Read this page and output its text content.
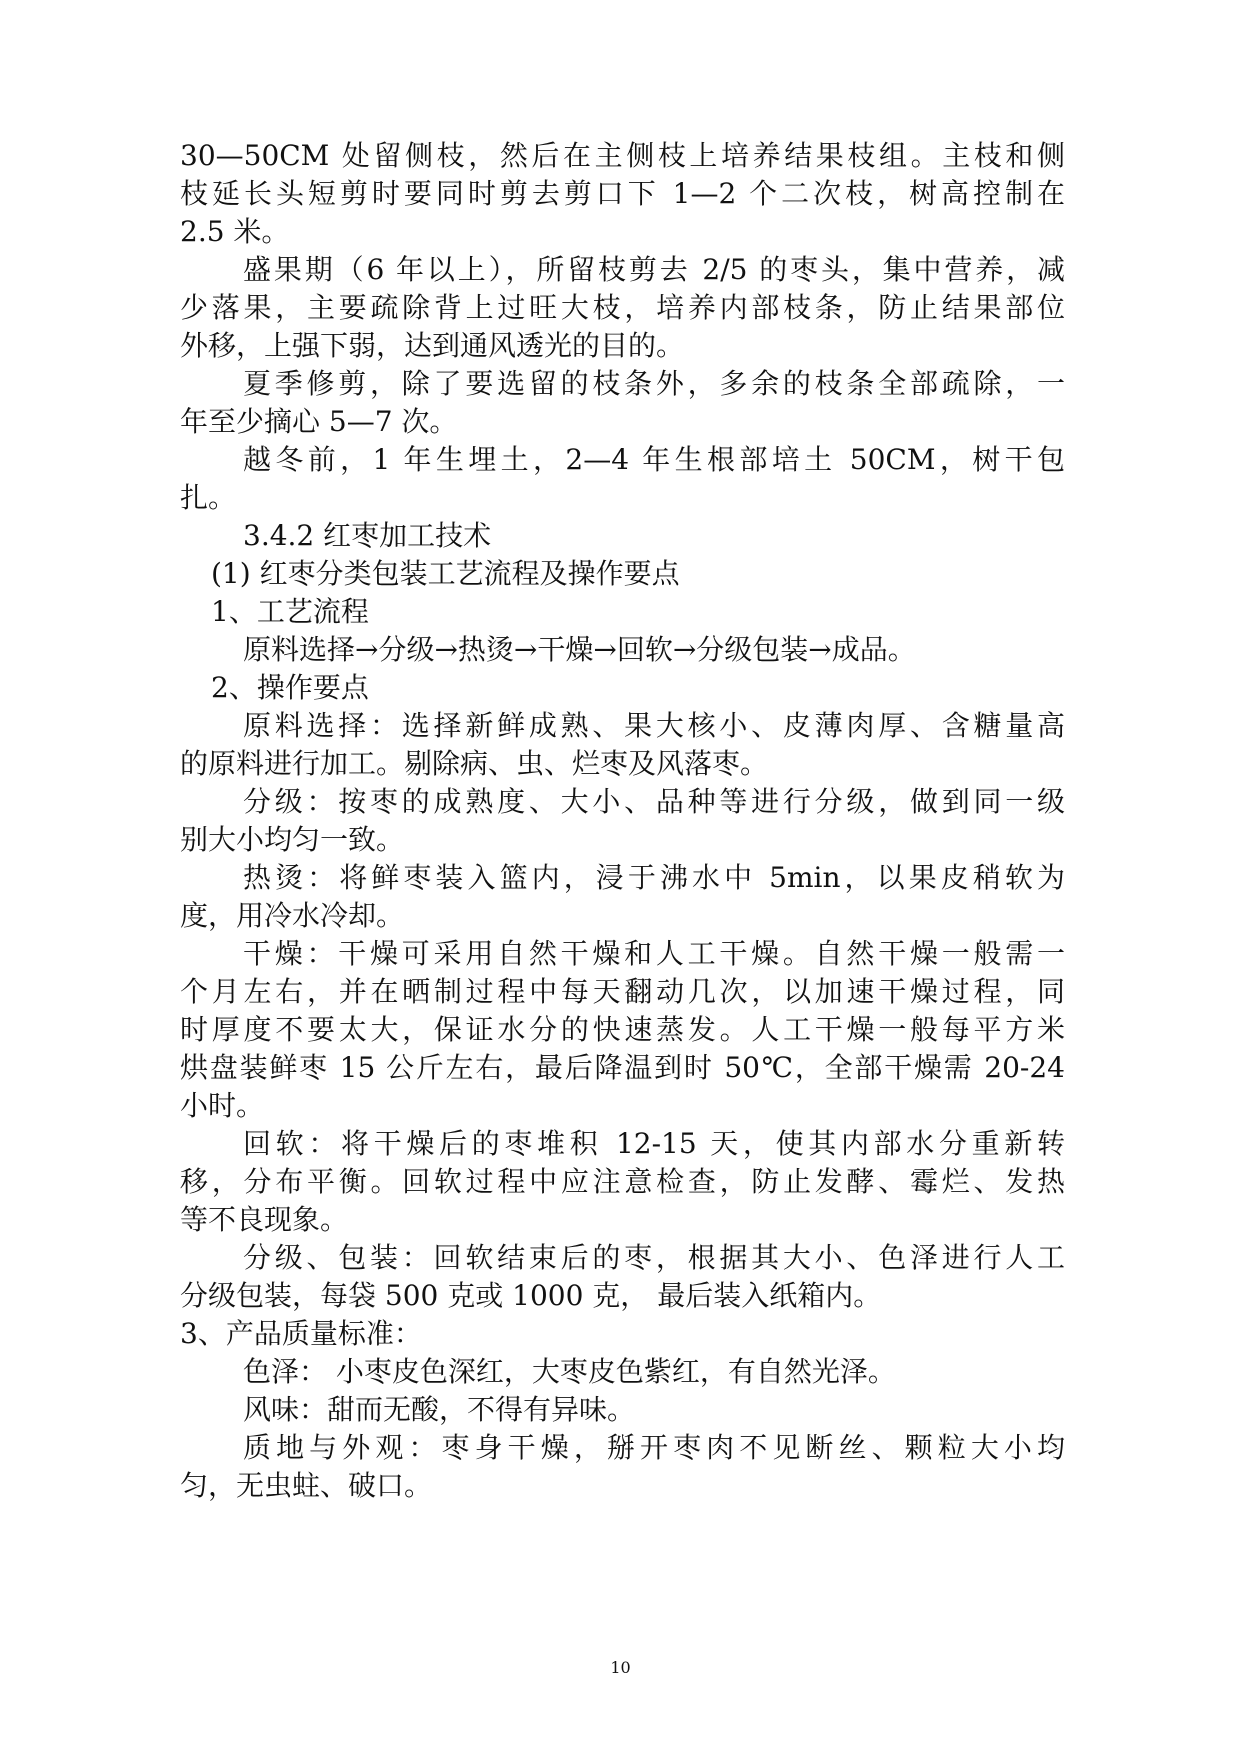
30—50CM 处留侧枝，然后在主侧枝上培养结果枝组。主枝和侧
枝延长头短剪时要同时剪去剪口下 1—2 个二次枝，树高控制在
2.5 米。
盛果期（6 年以上），所留枝剪去 2/5 的枣头，集中营养，减
少落果，主要疏除背上过旺大枝，培养内部枝条，防止结果部位
外移，上强下弱，达到通风透光的目的。
夏季修剪，除了要选留的枝条外，多余的枝条全部疏除，一
年至少摘心 5—7 次。
越冬前，1 年生埋土，2—4 年生根部培土 50CM，树干包
扎。
3.4.2 红枣加工技术
(1) 红枣分类包装工艺流程及操作要点
1、工艺流程
原料选择→分级→热烫→干燥→回软→分级包装→成品。
2、操作要点
原料选择：选择新鲜成熟、果大核小、皮薄肉厚、含糖量高
的原料进行加工。剔除病、虫、烂枣及风落枣。
分级：按枣的成熟度、大小、品种等进行分级，做到同一级
别大小均匀一致。
热烫：将鲜枣装入篮内，浸于沸水中 5min，以果皮稍软为
度，用冷水冷却。
干燥：干燥可采用自然干燥和人工干燥。自然干燥一般需一
个月左右，并在晒制过程中每天翻动几次，以加速干燥过程，同
时厚度不要太大，保证水分的快速蒸发。人工干燥一般每平方米
烘盘装鲜枣 15 公斤左右，最后降温到时 50℃，全部干燥需 20-24
小时。
回软：将干燥后的枣堆积 12-15 天，使其内部水分重新转
移，分布平衡。回软过程中应注意检查，防止发酵、霉烂、发热
等不良现象。
分级、包装：回软结束后的枣，根据其大小、色泽进行人工
分级包装，每袋 500 克或 1000 克， 最后装入纸箱内。
3、产品质量标准：
色泽： 小枣皮色深红，大枣皮色紫红，有自然光泽。
风味：甜而无酸，不得有异味。
质地与外观：枣身干燥，掰开枣肉不见断丝、颗粒大小均
匀，无虫蛀、破口。
10
